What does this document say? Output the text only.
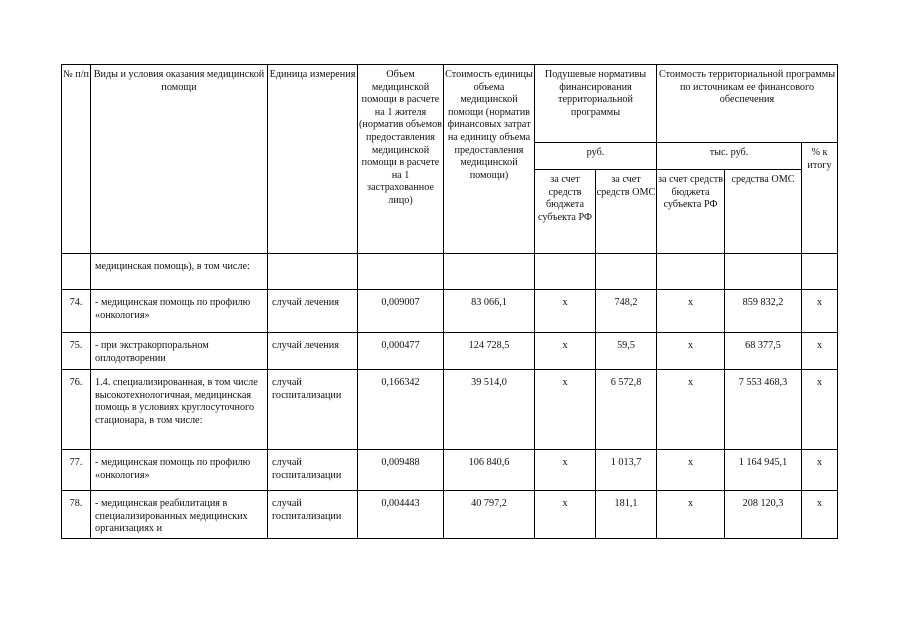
№ п/п	Виды и условия оказания медицинской помощи	Единица измерения	Объем медицинской помощи в расчете на 1 жителя (норматив объемов предоставления медицинской помощи в расчете на 1 застрахованное лицо)	Стоимость единицы объема медицинской помощи (норматив финансовых затрат на единицу объема предоставления медицинской помощи)	Подушевые нормативы финансирования территориальной программы		Стоимость территориальной программы по источникам ее финансового обеспечения		
					руб.		тыс. руб.		% к итогу
					за счет средств бюджета субъекта РФ	за счет средств ОМС	за счет средств бюджета субъекта РФ	средства ОМС	
	медицинская помощь), в том числе:								
74.	- медицинская помощь по профилю «онкология»	случай лечения	0,009007	83 066,1	х	748,2	х	859 832,2	х
75.	- при экстракорпоральном оплодотворении	случай лечения	0,000477	124 728,5	х	59,5	х	68 377,5	х
76.	1.4. специализированная, в том числе высокотехнологичная, медицинская помощь в условиях круглосуточного стационара, в том числе:	случай госпитализации	0,166342	39 514,0	х	6 572,8	х	7 553 468,3	х
77.	- медицинская помощь по профилю «онкология»	случай госпитализации	0,009488	106 840,6	х	1 013,7	х	1 164 945,1	х
78.	- медицинская реабилитация в специализированных медицинских организациях и	случай госпитализации	0,004443	40 797,2	х	181,1	х	208 120,3	х
